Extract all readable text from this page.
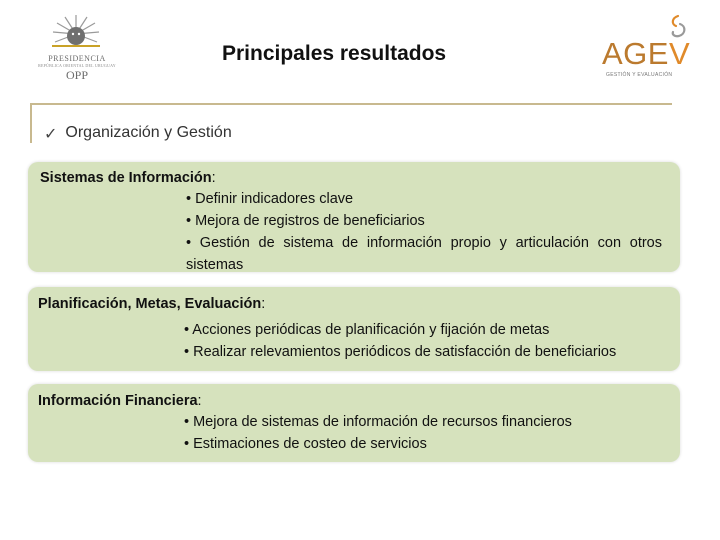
PRESIDENCIA
REPÚBLICA ORIENTAL DEL URUGUAY
OPP
Principales resultados	AGEV
GESTIÓN Y EVALUACIÓN
✓ Organización y Gestión
Sistemas de Información:
• Definir indicadores clave
• Mejora de registros de beneficiarios
• Gestión de sistema de información propio y articulación con otros sistemas
Planificación, Metas, Evaluación:
• Acciones periódicas de planificación y fijación de metas
• Realizar relevamientos periódicos de satisfacción de beneficiarios
Información Financiera:
• Mejora de sistemas de información de recursos financieros
• Estimaciones de costeo de servicios
